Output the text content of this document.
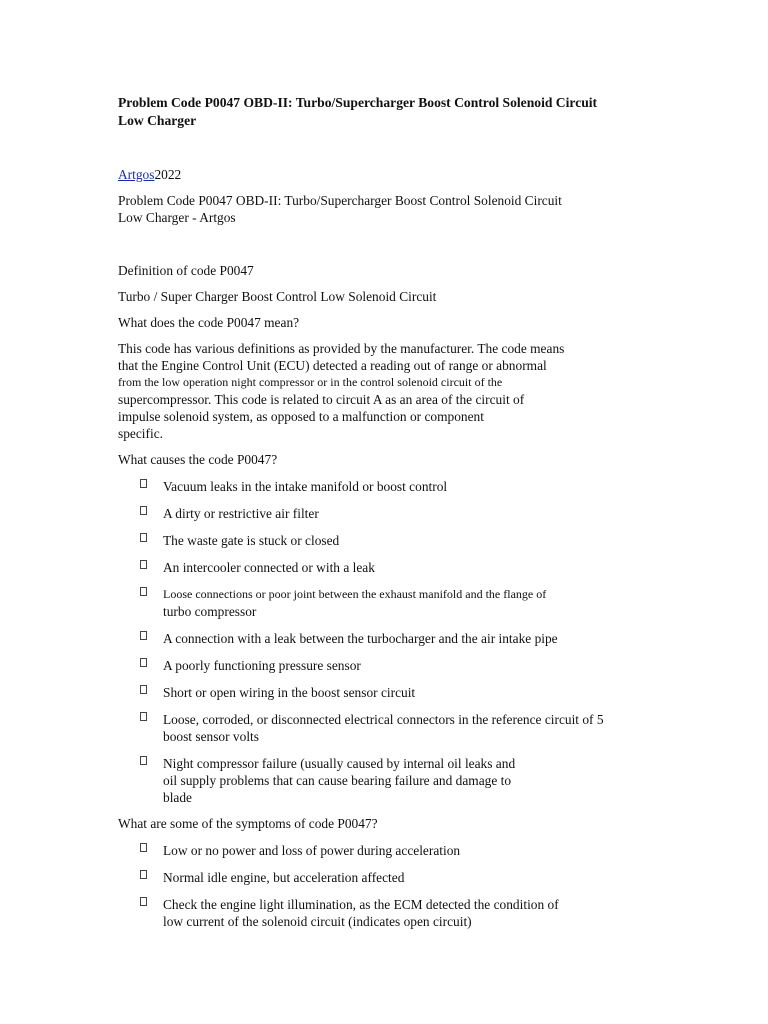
Problem Code P0047 OBD-II: Turbo/Supercharger Boost Control Solenoid Circuit
Low Charger
Artgos2022
Problem Code P0047 OBD-II: Turbo/Supercharger Boost Control Solenoid Circuit
Low Charger - Artgos

Definition of code P0047

Turbo / Super Charger Boost Control Low Solenoid Circuit

What does the code P0047 mean?

This code has various definitions as provided by the manufacturer. The code means
that the Engine Control Unit (ECU) detected a reading out of range or abnormal
from the low operation night compressor or in the control solenoid circuit of the
supercompressor. This code is related to circuit A as an area of the circuit of
impulse solenoid system, as opposed to a malfunction or component
specific.

What causes the code P0047?

Vacuum leaks in the intake manifold or boost control
A dirty or restrictive air filter
The waste gate is stuck or closed
An intercooler connected or with a leak
Loose connections or poor joint between the exhaust manifold and the flange of
turbo compressor
A connection with a leak between the turbocharger and the air intake pipe
A poorly functioning pressure sensor
Short or open wiring in the boost sensor circuit
Loose, corroded, or disconnected electrical connectors in the reference circuit of 5
boost sensor volts
Night compressor failure (usually caused by internal oil leaks and
oil supply problems that can cause bearing failure and damage to
blade

What are some of the symptoms of code P0047?

Low or no power and loss of power during acceleration
Normal idle engine, but acceleration affected
Check the engine light illumination, as the ECM detected the condition of
low current of the solenoid circuit (indicates open circuit)
